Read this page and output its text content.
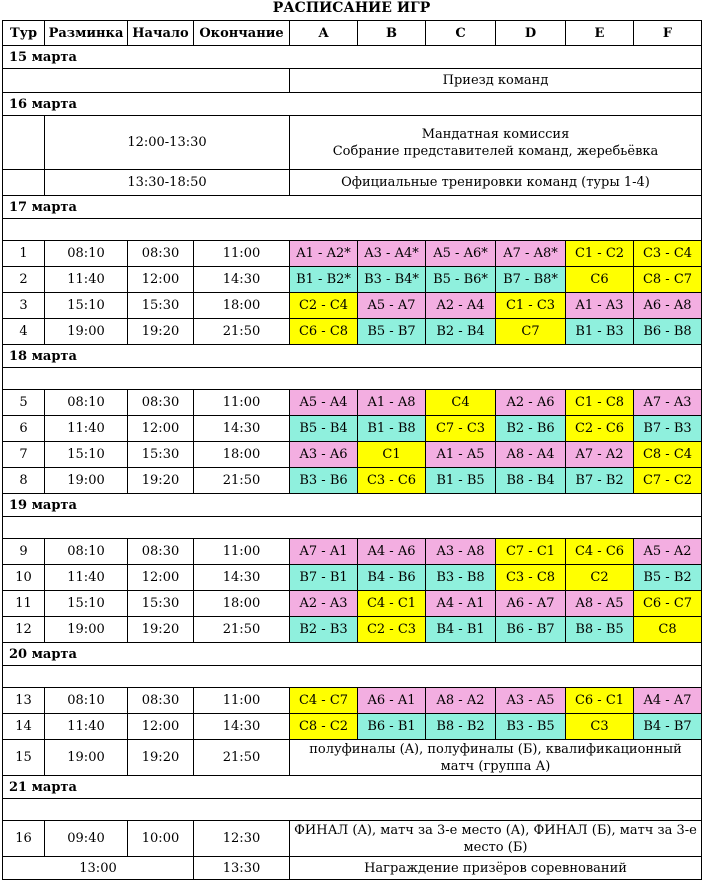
РАСПИСАНИЕ ИГР
Тур	Разминка	Начало	Окончание	A	B	C	D	E	F
15 марта									
				Приезд команд					
16 марта									
	12:00-13:30			Мандатная комиссия
Собрание представителей команд, жеребьёвка					

	13:30-18:50			Официальные тренировки команд (туры 1-4)					
17 марта									

1	08:10	08:30	11:00	A1 - A2*	A3 - A4*	A5 - A6*	A7 - A8*	C1 - C2	C3 - C4
2	11:40	12:00	14:30	B1 - B2*	B3 - B4*	B5 - B6*	B7 - B8*	C6	C8 - C7
3	15:10	15:30	18:00	C2 - C4	A5 - A7	A2 - A4	C1 - C3	A1 - A3	A6 - A8
4	19:00	19:20	21:50	C6 - C8	B5 - B7	B2 - B4	C7	B1 - B3	B6 - B8
18 марта									

5	08:10	08:30	11:00	A5 - A4	A1 - A8	C4	A2 - A6	C1 - C8	A7 - A3
6	11:40	12:00	14:30	B5 - B4	B1 - B8	C7 - C3	B2 - B6	C2 - C6	B7 - B3
7	15:10	15:30	18:00	A3 - A6	C1	A1 - A5	A8 - A4	A7 - A2	C8 - C4
8	19:00	19:20	21:50	B3 - B6	C3 - C6	B1 - B5	B8 - B4	B7 - B2	C7 - C2
19 марта									

9	08:10	08:30	11:00	A7 - A1	A4 - A6	A3 - A8	C7 - C1	C4 - C6	A5 - A2
10	11:40	12:00	14:30	B7 - B1	B4 - B6	B3 - B8	C3 - C8	C2	B5 - B2
11	15:10	15:30	18:00	A2 - A3	C4 - C1	A4 - A1	A6 - A7	A8 - A5	C6 - C7
12	19:00	19:20	21:50	B2 - B3	C2 - C3	B4 - B1	B6 - B7	B8 - B5	C8
20 марта									

13	08:10	08:30	11:00	C4 - C7	A6 - A1	A8 - A2	A3 - A5	C6 - C1	A4 - A7
14	11:40	12:00	14:30	C8 - C2	B6 - B1	B8 - B2	B3 - B5	C3	B4 - B7
15	19:00	19:20	21:50	полуфиналы (A), полуфиналы (Б), квалификационный матч (группа А)					
21 марта									

16	09:40	10:00	12:30	ФИНАЛ (A), матч за 3-е место (A), ФИНАЛ (Б), матч за 3-е место (Б)					
13:00			13:30	Награждение призёров соревнований					
